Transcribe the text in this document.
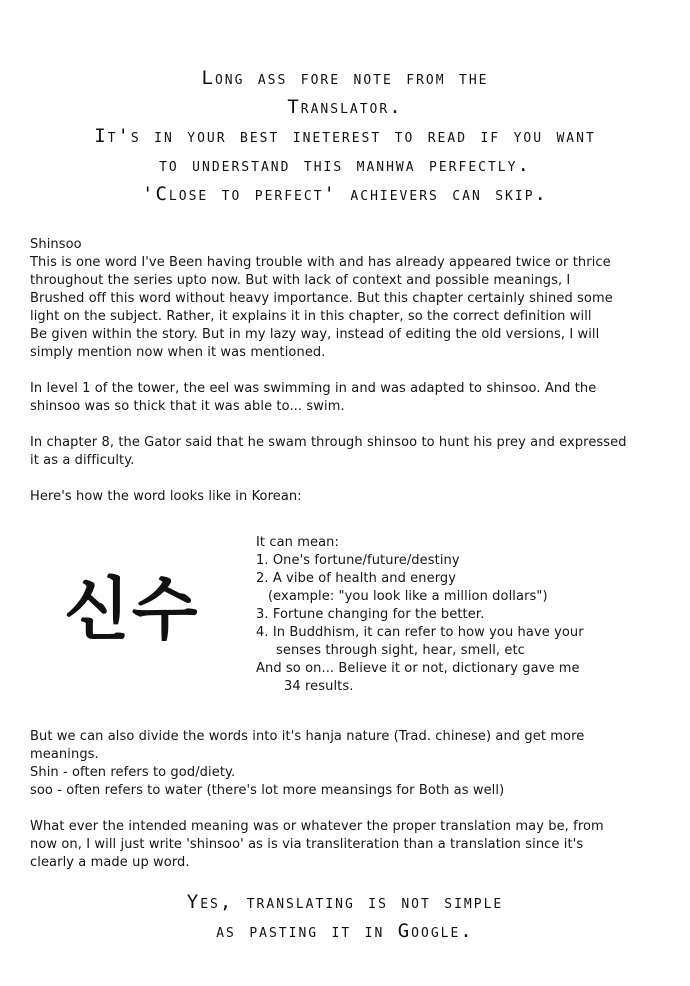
Long ass fore note from the
Translator.
It's in your best ineterest to read if you want
to understand this manhwa perfectly.
'Close to perfect' achievers can skip.
Shinsoo
This is one word I've Been having trouble with and has already appeared twice or thrice
throughout the series upto now. But with lack of context and possible meanings, I
Brushed off this word without heavy importance. But this chapter certainly shined some
light on the subject. Rather, it explains it in this chapter, so the correct definition will
Be given within the story. But in my lazy way, instead of editing the old versions, I will
simply mention now when it was mentioned.
In level 1 of the tower, the eel was swimming in and was adapted to shinsoo. And the
shinsoo was so thick that it was able to... swim.
In chapter 8, the Gator said that he swam through shinsoo to hunt his prey and expressed
it as a difficulty.
Here's how the word looks like in Korean:
신수
It can mean:
1. One's fortune/future/destiny
2. A vibe of health and energy
(example: "you look like a million dollars")
3. Fortune changing for the better.
4. In Buddhism, it can refer to how you have your
senses through sight, hear, smell, etc
And so on... Believe it or not, dictionary gave me
34 results.
But we can also divide the words into it's hanja nature (Trad. chinese) and get more
meanings.
Shin - often refers to god/diety.
soo - often refers to water (there's lot more meansings for Both as well)
What ever the intended meaning was or whatever the proper translation may be, from
now on, I will just write 'shinsoo' as is via transliteration than a translation since it's
clearly a made up word.
Yes, translating is not simple
as pasting it in Google.
